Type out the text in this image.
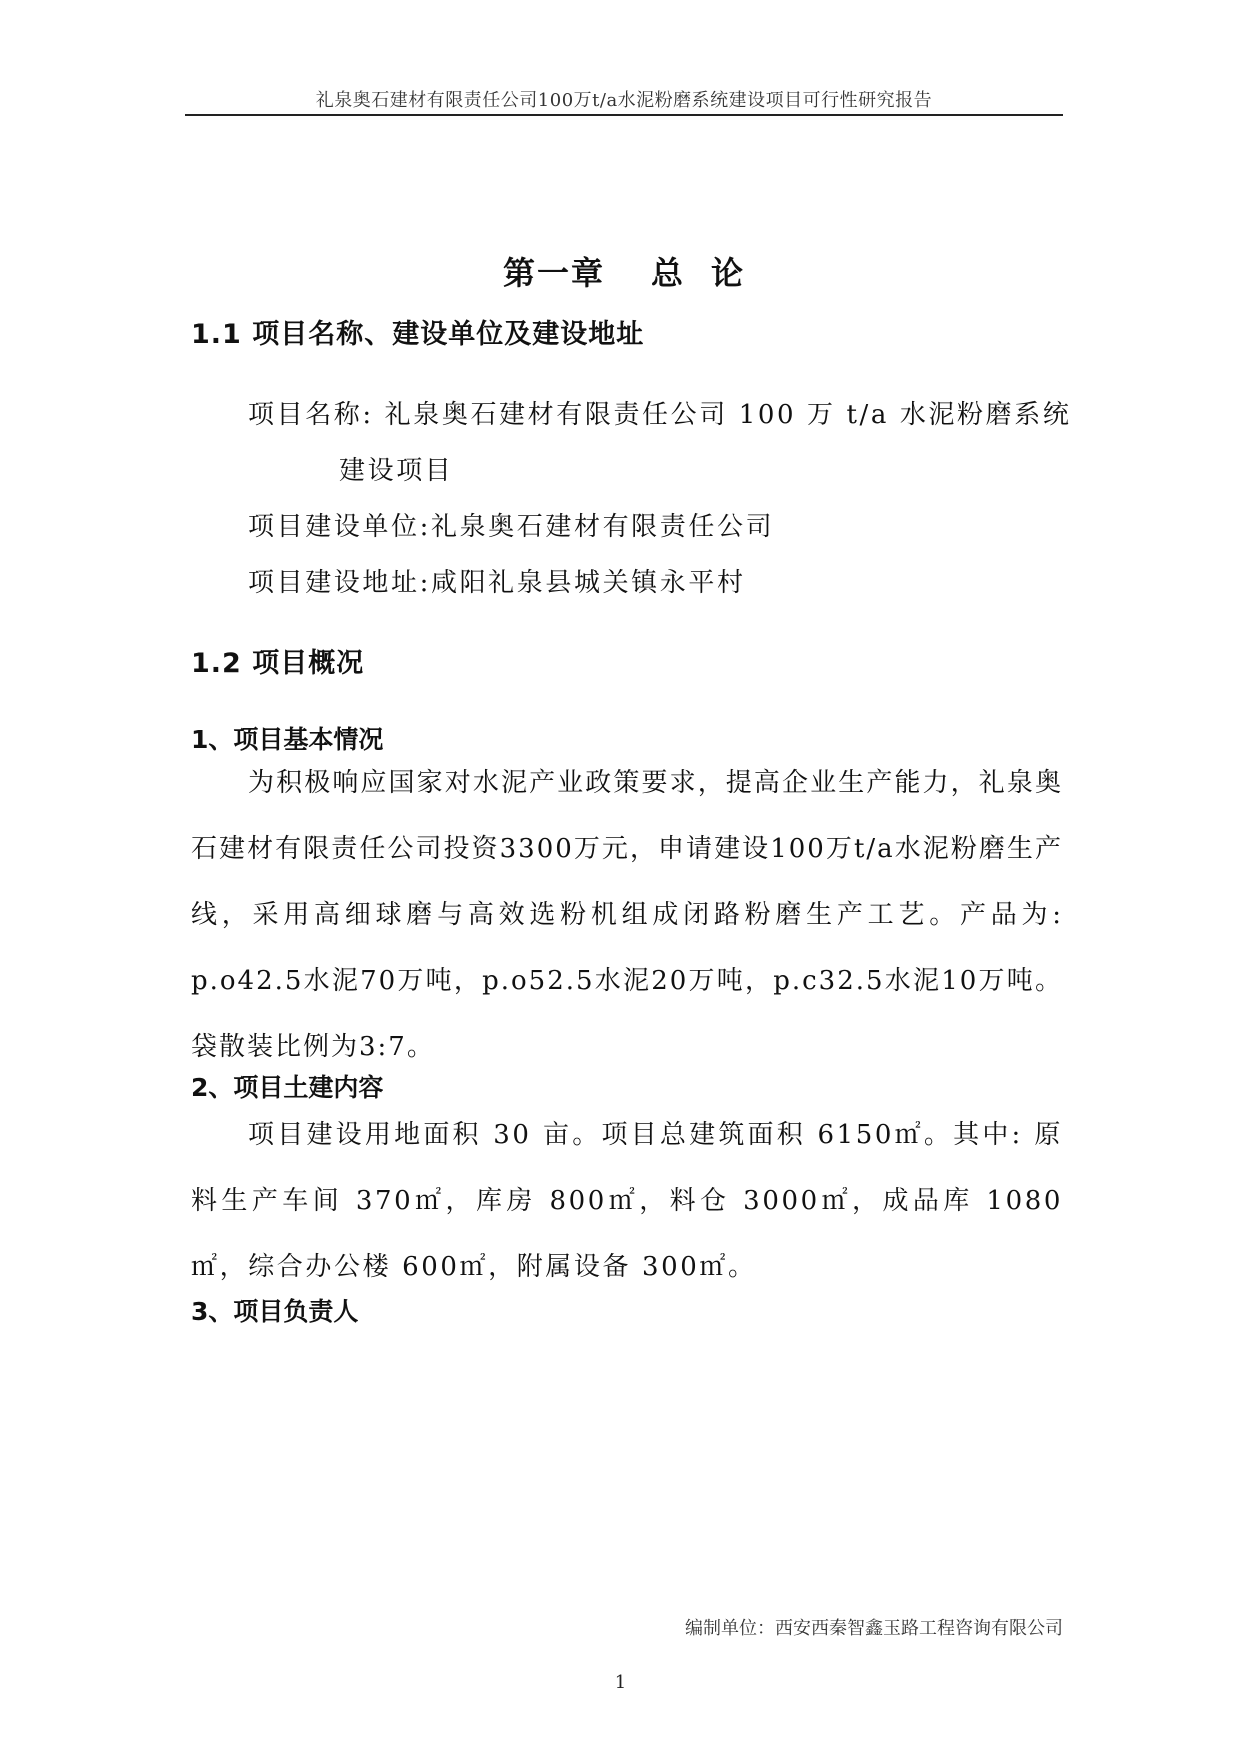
礼泉奥石建材有限责任公司100万t/a水泥粉磨系统建设项目可行性研究报告
第一章 总 论
1.1 项目名称、建设单位及建设地址
项目名称: 礼泉奥石建材有限责任公司 100 万 t/a 水泥粉磨系统
建设项目
项目建设单位:礼泉奥石建材有限责任公司
项目建设地址:咸阳礼泉县城关镇永平村
1.2 项目概况
1、项目基本情况
为积极响应国家对水泥产业政策要求，提高企业生产能力，礼泉奥石建材有限责任公司投资3300万元，申请建设100万t/a水泥粉磨生产线，采用高细球磨与高效选粉机组成闭路粉磨生产工艺。产品为: p.o42.5水泥70万吨，p.o52.5水泥20万吨，p.c32.5水泥10万吨。袋散装比例为3:7。
2、项目土建内容
项目建设用地面积 30 亩。项目总建筑面积 6150㎡。其中: 原料生产车间 370㎡，库房 800㎡，料仓 3000㎡，成品库 1080㎡，综合办公楼 600㎡，附属设备 300㎡。
3、项目负责人
编制单位：西安西秦智鑫玉路工程咨询有限公司
1
